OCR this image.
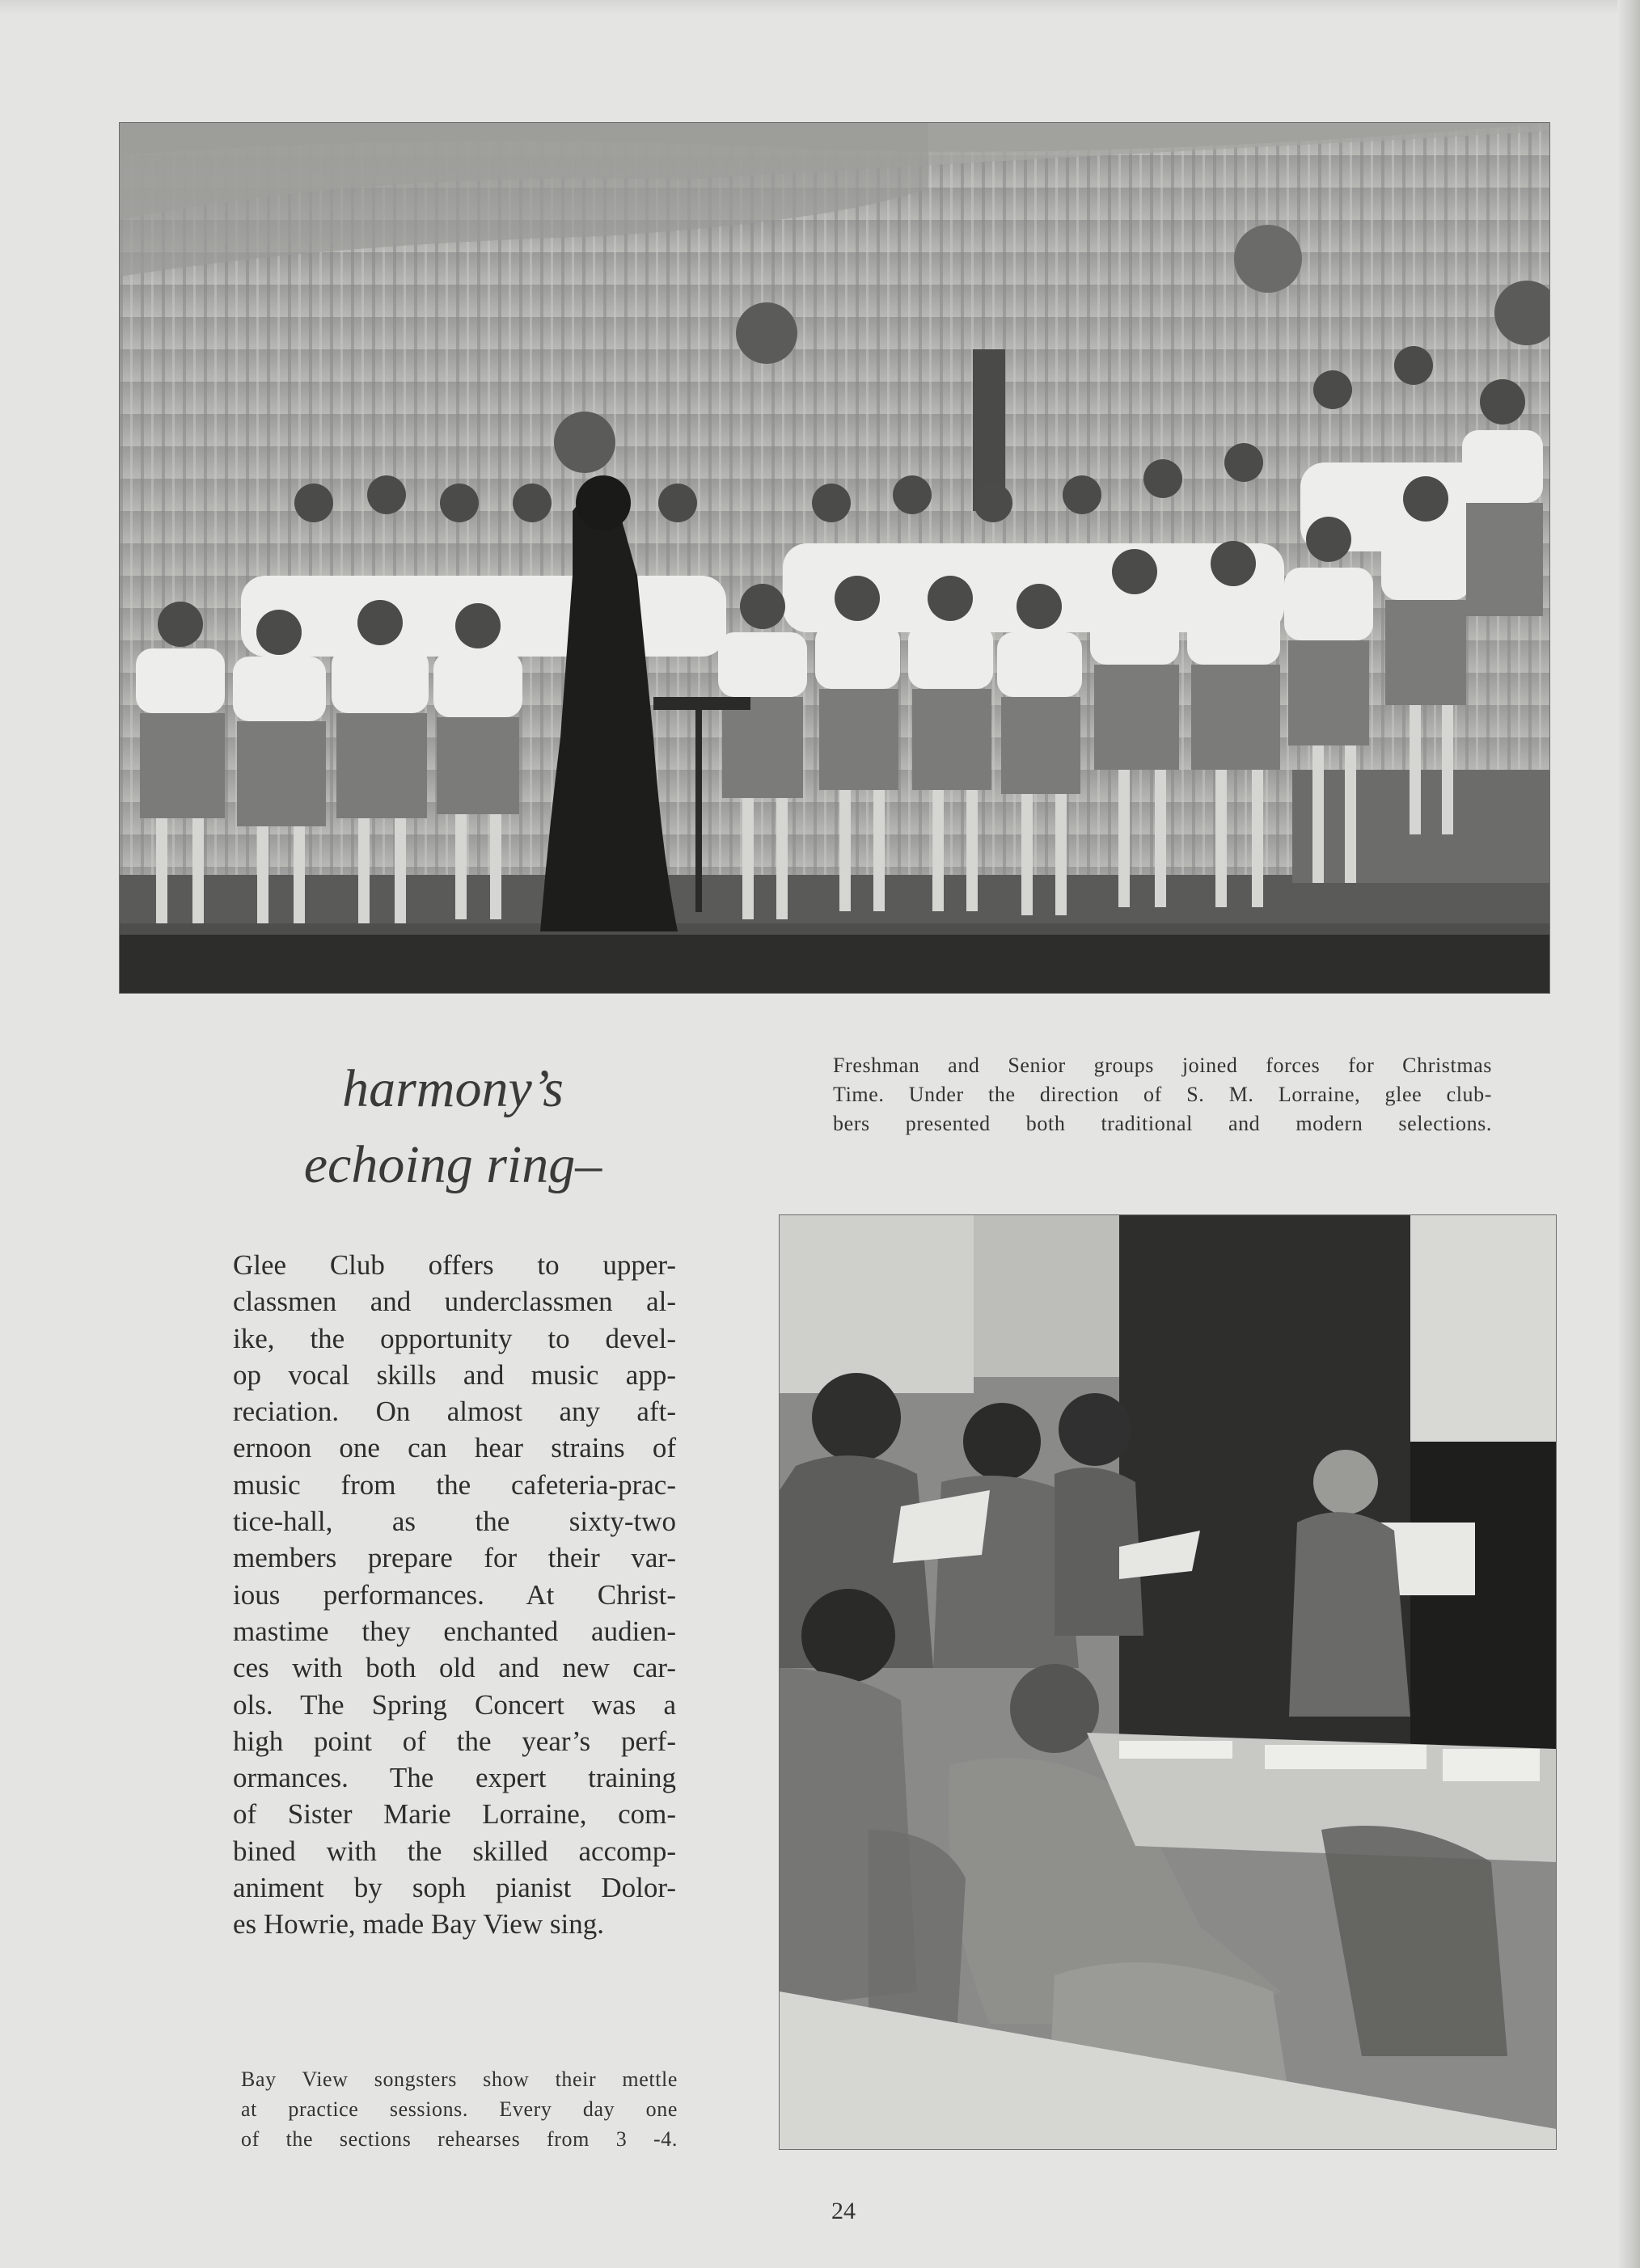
harmony’s
echoing ring–
Freshman and Senior groups joined forces for Christmas
Time. Under the direction of S. M. Lorraine, glee club-
bers presented both traditional and modern selections.
Glee Club offers to upper-
classmen and underclassmen al-
ike, the opportunity to devel-
op vocal skills and music app-
reciation. On almost any aft-
ernoon one can hear strains of
music from the cafeteria-prac-
tice-hall, as the sixty-two
members prepare for their var-
ious performances. At Christ-
mastime they enchanted audien-
ces with both old and new car-
ols. The Spring Concert was a
high point of the year’s perf-
ormances. The expert training
of Sister Marie Lorraine, com-
bined with the skilled accomp-
animent by soph pianist Dolor-
es Howrie, made Bay View sing.
Bay View songsters show their mettle
at practice sessions. Every day one
of the sections rehearses from 3 -4.
24
